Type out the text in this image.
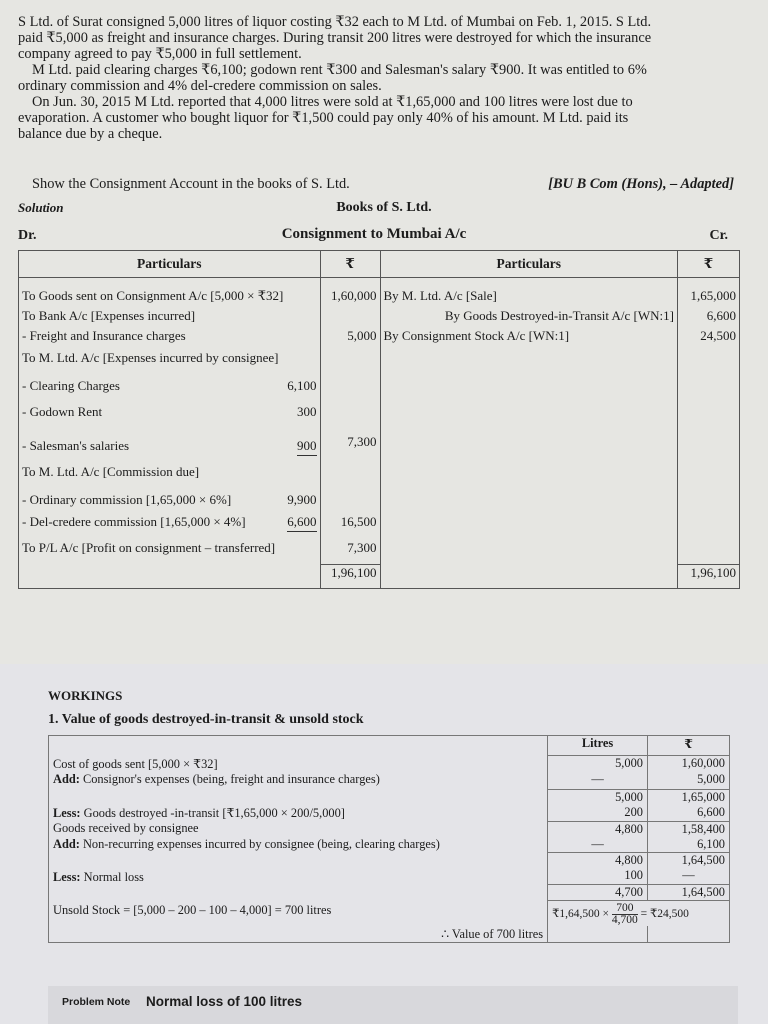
S Ltd. of Surat consigned 5,000 litres of liquor costing ₹32 each to M Ltd. of Mumbai on Feb. 1, 2015. S Ltd.
paid ₹5,000 as freight and insurance charges. During transit 200 litres were destroyed for which the insurance
company agreed to pay ₹5,000 in full settlement.
M Ltd. paid clearing charges ₹6,100; godown rent ₹300 and Salesman's salary ₹900. It was entitled to 6%
ordinary commission and 4% del-credere commission on sales.
On Jun. 30, 2015 M Ltd. reported that 4,000 litres were sold at ₹1,65,000 and 100 litres were lost due to
evaporation. A customer who bought liquor for ₹1,500 could pay only 40% of his amount. M Ltd. paid its
balance due by a cheque.
Show the Consignment Account in the books of S. Ltd.	[BU B Com (Hons), – Adapted]
Solution	Books of S. Ltd.
Dr.	Consignment to Mumbai A/c	Cr.
Particulars	₹	Particulars	₹
To Goods sent on Consignment A/c [5,000 × ₹32]	1,60,000	By M. Ltd. A/c [Sale]	1,65,000
To Bank A/c [Expenses incurred]		By Goods Destroyed-in-Transit A/c [WN:1]	6,600
- Freight and Insurance charges	5,000	By Consignment Stock A/c [WN:1]	24,500
To M. Ltd. A/c [Expenses incurred by consignee]			

- Clearing Charges 6,100			

- Godown Rent 300			

- Salesman's salaries 900	7,300		
To M. Ltd. A/c [Commission due]			

- Ordinary commission [1,65,000 × 6%] 9,900			

- Del-credere commission [1,65,000 × 4%] 6,600	16,500		
To P/L A/c [Profit on consignment – transferred]	7,300		
	1,96,100		1,96,100
WORKINGS
1. Value of goods destroyed-in-transit & unsold stock
	Litres	₹
Cost of goods sent [5,000 × ₹32]	5,000	1,60,000
Add: Consignor's expenses (being, freight and insurance charges)	—	5,000
	5,000	1,65,000
Less: Goods destroyed -in-transit [₹1,65,000 × 200/5,000]	200	6,600
Goods received by consignee	4,800	1,58,400
Add: Non-recurring expenses incurred by consignee (being, clearing charges)	—	6,100
	4,800	1,64,500
Less: Normal loss	100	—
	4,700	1,64,500
Unsold Stock = [5,000 – 200 – 100 – 4,000] = 700 litres	₹1,64,500 × $\frac{700}{4,700}$ = ₹24,500	
∴ Value of 700 litres		
Problem Note Normal loss of 100 litres
